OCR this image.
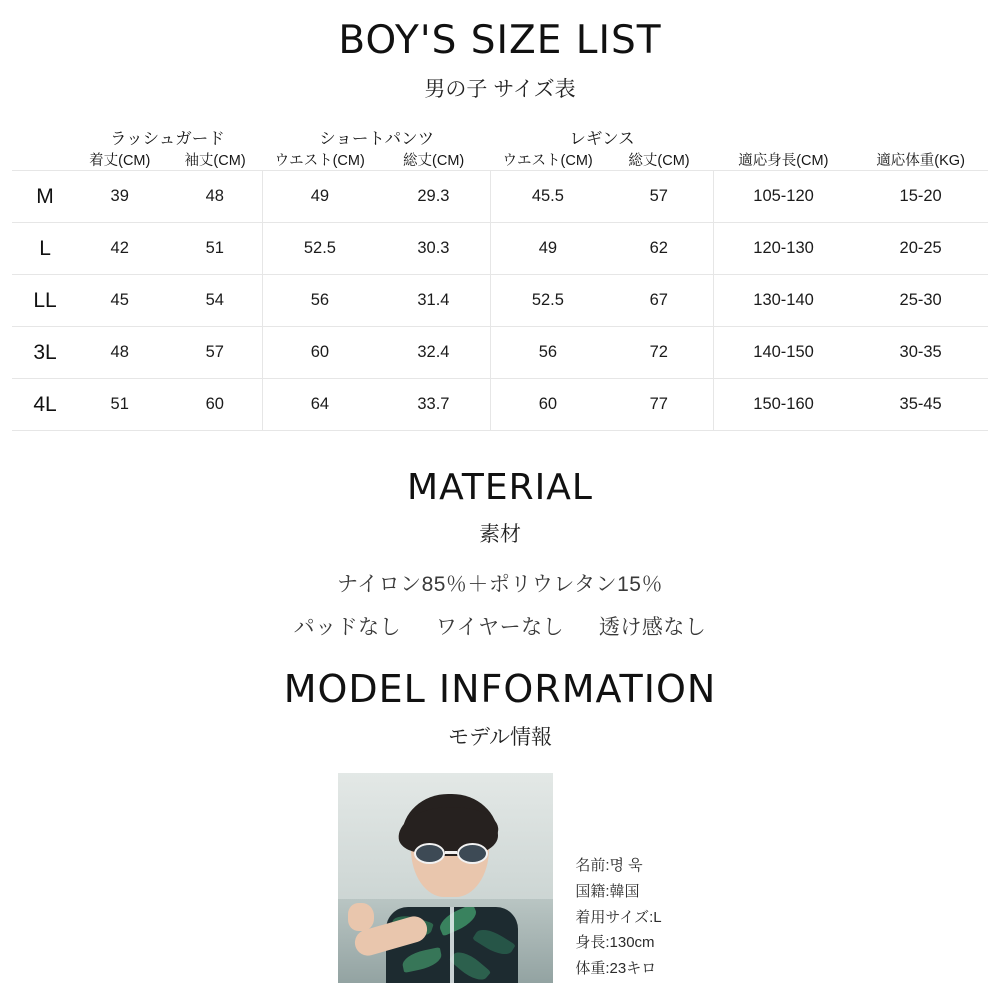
BOY'S SIZE LIST
男の子 サイズ表
	ラッシュガード		ショートパンツ		レギンス			
	着丈(CM)	袖丈(CM)	ウエスト(CM)	総丈(CM)	ウエスト(CM)	総丈(CM)	適応身長(CM)	適応体重(KG)
M	39	48	49	29.3	45.5	57	105-120	15-20
L	42	51	52.5	30.3	49	62	120-130	20-25
LL	45	54	56	31.4	52.5	67	130-140	25-30
3L	48	57	60	32.4	56	72	140-150	30-35
4L	51	60	64	33.7	60	77	150-160	35-45
MATERIAL
素材
ナイロン85％＋ポリウレタン15％
パッドなし ワイヤーなし 透け感なし
MODEL INFORMATION
モデル情報
名前:명 욱
国籍:韓国
着用サイズ:L
身長:130cm
体重:23キロ
